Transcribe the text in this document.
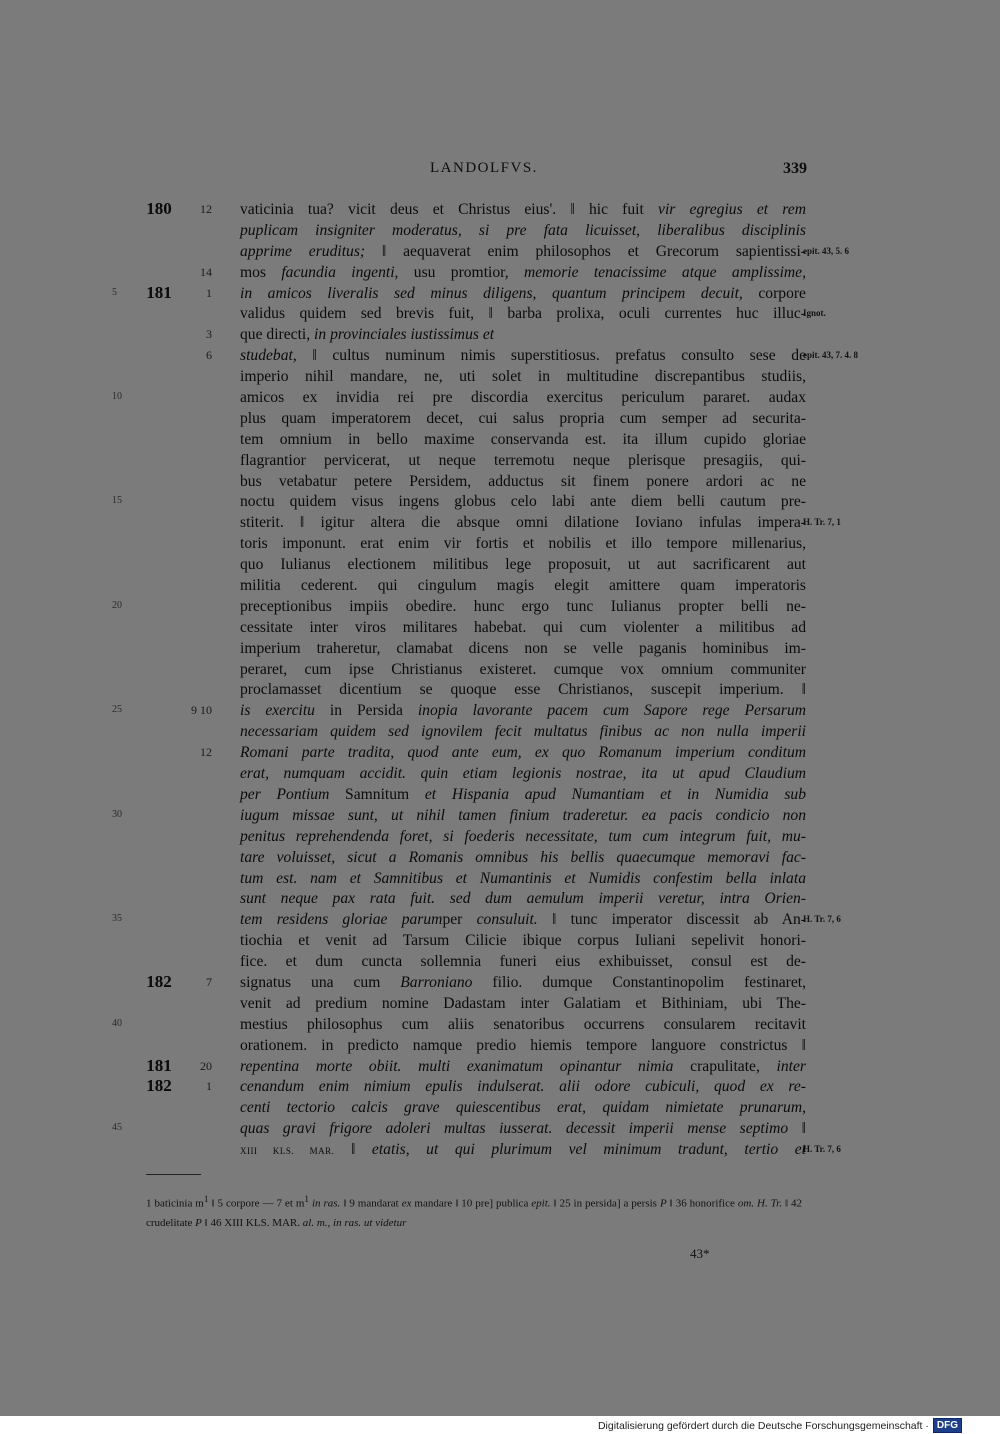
LANDOLFVS.	339
180	12 vaticinia tua? vicit deus et Christus eius'. ‖ hic fuit vir egregius et rem
puplicam insigniter moderatus, si pre fata licuisset, liberalibus disciplinis
apprime eruditus; ‖ aequaverat enim philosophos et Grecorum sapientissi-
epit. 43, 5. 6
14 mos facundia ingenti, usu promtior, memorie tenacissime atque amplissime,
5	181	1 in amicos liveralis sed minus diligens, quantum principem decuit, corpore
validus quidem sed brevis fuit, ‖ barba prolixa, oculi currentes huc illuc-
Ignot.
3 que directi, in provinciales iustissimus et
6 studebat, ‖ cultus numinum nimis superstitiosus. prefatus consulto sese de
epit. 43, 7. 4. 8
imperio nihil mandare, ne, uti solet in multitudine discrepantibus studiis,
10	amicos ex invidia rei pre discordia exercitus periculum pararet. audax
plus quam imperatorem decet, cui salus propria cum semper ad securita-
tem omnium in bello maxime conservanda est. ita illum cupido gloriae
flagrantior pervicerat, ut neque terremotu neque plerisque presagiis, qui-
bus vetabatur petere Persidem, adductus sit finem ponere ardori ac ne
15	noctu quidem visus ingens globus celo labi ante diem belli cautum pre-
stiterit. ‖ igitur altera die absque omni dilatione Ioviano infulas impera-
H. Tr. 7, 1
toris imponunt. erat enim vir fortis et nobilis et illo tempore millenarius,
quo Iulianus electionem militibus lege proposuit, ut aut sacrificarent aut
militia cederent. qui cingulum magis elegit amittere quam imperatoris
20	preceptionibus impiis obedire. hunc ergo tunc Iulianus propter belli ne-
cessitate inter viros militares habebat. qui cum violenter a militibus ad
imperium traheretur, clamabat dicens non se velle paganis hominibus im-
peraret, cum ipse Christianus existeret. cumque vox omnium communiter
proclamasset dicentium se quoque esse Christianos, suscepit imperium. ‖
25	9 10 is exercitu in Persida inopia lavorante pacem cum Sapore rege Persarum
necessariam quidem sed ignovilem fecit multatus finibus ac non nulla imperii
12 Romani parte tradita, quod ante eum, ex quo Romanum imperium conditum
erat, numquam accidit. quin etiam legionis nostrae, ita ut apud Claudium
per Pontium Samnitum et Hispania apud Numantiam et in Numidia sub
30	iugum missae sunt, ut nihil tamen finium traderetur. ea pacis condicio non
penitus reprehendenda foret, si foederis necessitate, tum cum integrum fuit, mu-
tare voluisset, sicut a Romanis omnibus his bellis quaecumque memoravi fac-
tum est. nam et Samnitibus et Numantinis et Numidis confestim bella inlata
sunt neque pax rata fuit. sed dum aemulum imperii veretur, intra Orien-
35	tem residens gloriae parumper consuluit. ‖ tunc imperator discessit ab An-
H. Tr. 7, 6
tiochia et venit ad Tarsum Cilicie ibique corpus Iuliani sepelivit honori-
fice. et dum cuncta sollemnia funeri eius exhibuisset, consul est de-
182	7 signatus una cum Barroniano filio. dumque Constantinopolim festinaret,
venit ad predium nomine Dadastam inter Galatiam et Bithiniam, ubi The-
40	mestius philosophus cum aliis senatoribus occurrens consularem recitavit
orationem. in predicto namque predio hiemis tempore languore constrictus ‖
181	20 repentina morte obiit. multi exanimatum opinantur nimia crapulitate, inter
182	1 cenandum enim nimium epulis indulserat. alii odore cubiculi, quod ex re-
centi tectorio calcis grave quiescentibus erat, quidam nimietate prunarum,
45	quas gravi frigore adoleri multas iusserat. decessit imperii mense septimo ‖
XIII KLS. MAR. ‖ etatis, ut qui plurimum vel minimum tradunt, tertio et
H. Tr. 7, 6
1 baticinia $m^1$ ‖ 5 corpore — 7 et $m^1$ in ras. ‖ 9 mandarat ex mandare ‖ 10 pre] publica epit. ‖ 25 in persida] a persis P ‖ 36 honorifice om. H. Tr. ‖ 42 crudelitate P ‖ 46 XIII KLS. MAR. al. m., in ras. ut videtur
43*
Digitalisierung gefördert durch die Deutsche Forschungsgemeinschaft · DFG
